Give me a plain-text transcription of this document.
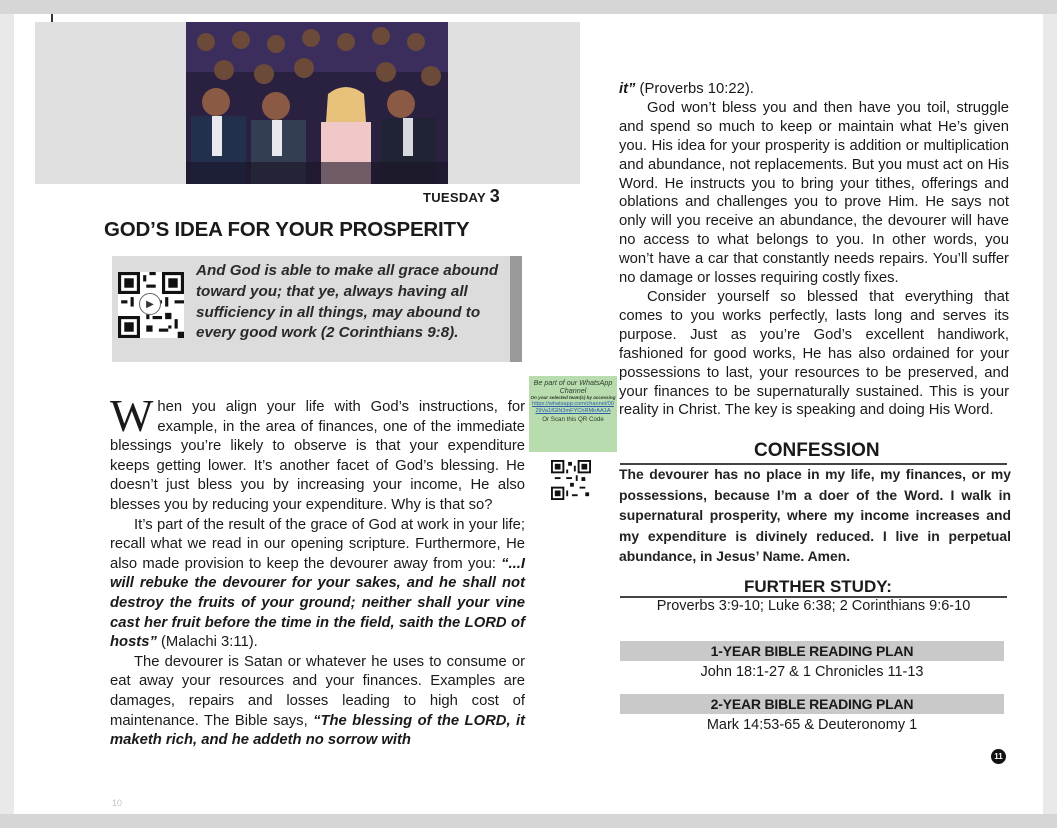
TUESDAY 3
GOD’S IDEA FOR YOUR PROSPERITY
▶
And God is able to make all grace abound toward you; that ye, always having all sufficiency in all things, may abound to every good work (2 Corinthians 9:8).

When you align your life with God’s instructions, for example, in the area of finances, one of the immediate blessings you’re likely to observe is that your expenditure keeps getting lower. It’s another facet of God’s blessing. He doesn’t just bless you by increasing your income, He also blesses you by reducing your expenditure. Why is that so?

It’s part of the result of the grace of God at work in your life; recall what we read in our opening scripture. Furthermore, He also made provision to keep the devourer away from you: “...I will rebuke the devourer for your sakes, and he shall not destroy the fruits of your ground; neither shall your vine cast her fruit before the time in the field, saith the LORD of hosts” (Malachi 3:11).

The devourer is Satan or whatever he uses to consume or eat away your resources and your finances. Examples are damages, repairs and losses leading to high cost of maintenance. The Bible says, “The blessing of the LORD, it maketh rich, and he addeth no sorrow with

10
Be part of our WhatsApp Channel
On your selected team(s) by accessing
https://whatsapp.com/channel/0029Va1fGlN3mFYChRMirAA1A
Or Scan this QR Code

it” (Proverbs 10:22).

God won’t bless you and then have you toil, struggle and spend so much to keep or maintain what He’s given you. His idea for your prosperity is addition or multiplication and abundance, not replacements. But you must act on His Word. He instructs you to bring your tithes, offerings and oblations and challenges you to prove Him. He says not only will you receive an abundance, the devourer will have no access to what belongs to you. In other words, you won’t have a car that constantly needs repairs. You’ll suffer no damage or losses requiring costly fixes.

Consider yourself so blessed that everything that comes to you works perfectly, lasts long and serves its purpose. Just as you’re God’s excellent handiwork, fashioned for good works, He has also ordained for your possessions to last, your resources to be preserved, and your finances to be supernaturally sustained. This is your reality in Christ. The key is speaking and doing His Word.

CONFESSION
The devourer has no place in my life, my finances, or my possessions, because I’m a doer of the Word. I walk in supernatural prosperity, where my income increases and my expenditure is divinely reduced. I live in perpetual abundance, in Jesus’ Name. Amen.
FURTHER STUDY:
Proverbs 3:9-10; Luke 6:38; 2 Corinthians 9:6-10
1-YEAR BIBLE READING PLAN
John 18:1-27 & 1 Chronicles 11-13
2-YEAR BIBLE READING PLAN
Mark 14:53-65 & Deuteronomy 1
11
